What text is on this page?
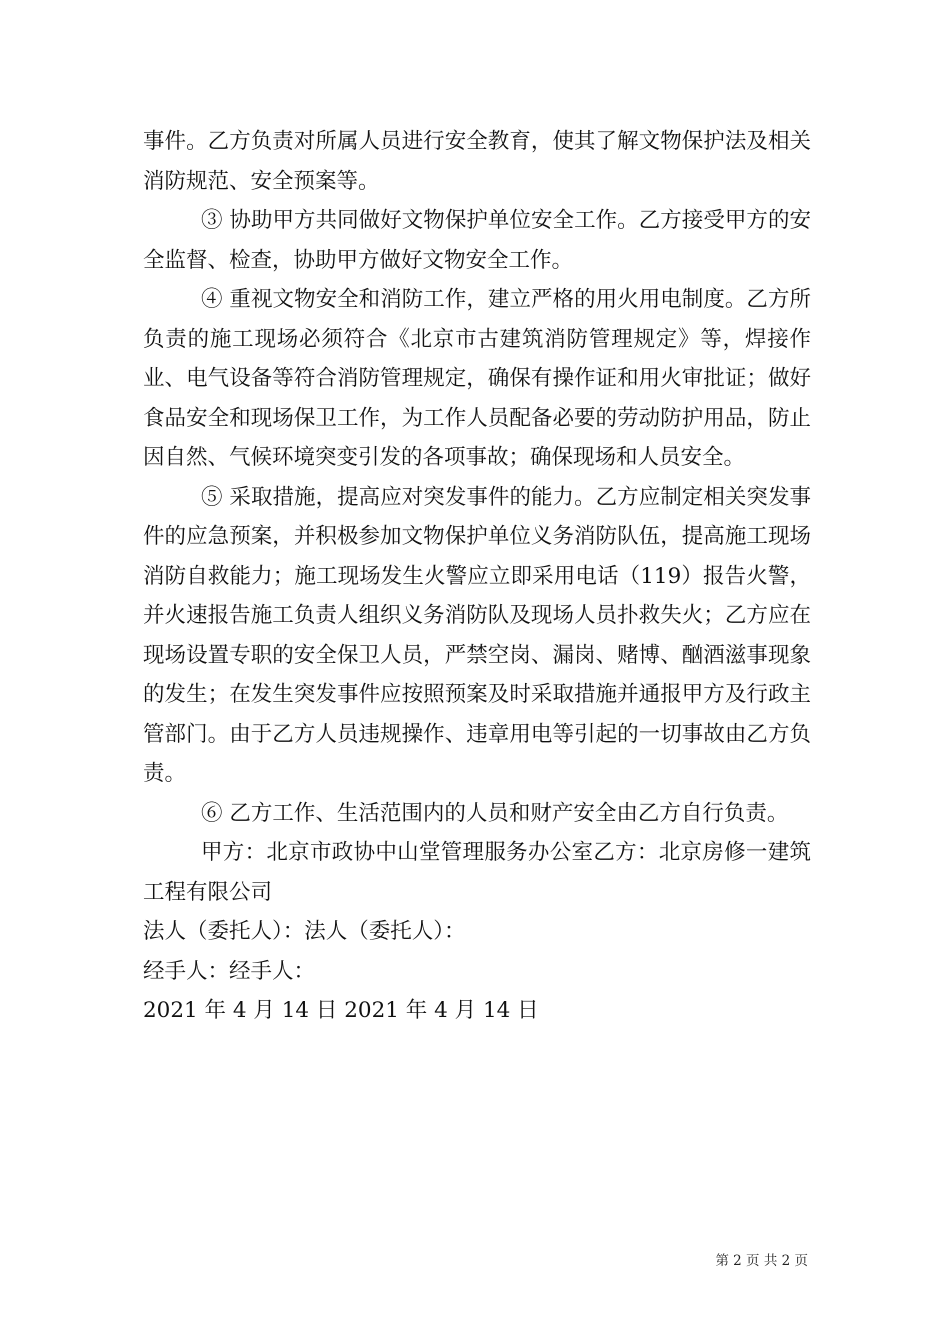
事件。乙方负责对所属人员进行安全教育，使其了解文物保护法及相关消防规范、安全预案等。

③ 协助甲方共同做好文物保护单位安全工作。乙方接受甲方的安全监督、检查，协助甲方做好文物安全工作。

④ 重视文物安全和消防工作，建立严格的用火用电制度。乙方所负责的施工现场必须符合《北京市古建筑消防管理规定》等，焊接作业、电气设备等符合消防管理规定，确保有操作证和用火审批证；做好食品安全和现场保卫工作，为工作人员配备必要的劳动防护用品，防止因自然、气候环境突变引发的各项事故；确保现场和人员安全。

⑤ 采取措施，提高应对突发事件的能力。乙方应制定相关突发事件的应急预案，并积极参加文物保护单位义务消防队伍，提高施工现场消防自救能力；施工现场发生火警应立即采用电话（119）报告火警，并火速报告施工负责人组织义务消防队及现场人员扑救失火；乙方应在现场设置专职的安全保卫人员，严禁空岗、漏岗、赌博、酗酒滋事现象的发生；在发生突发事件应按照预案及时采取措施并通报甲方及行政主管部门。由于乙方人员违规操作、违章用电等引起的一切事故由乙方负责。

⑥ 乙方工作、生活范围内的人员和财产安全由乙方自行负责。

甲方：北京市政协中山堂管理服务办公室乙方：北京房修一建筑工程有限公司

法人（委托人）：法人（委托人）：

经手人：经手人：

2021 年 4 月 14 日 2021 年 4 月 14 日

第 2 页 共 2 页
